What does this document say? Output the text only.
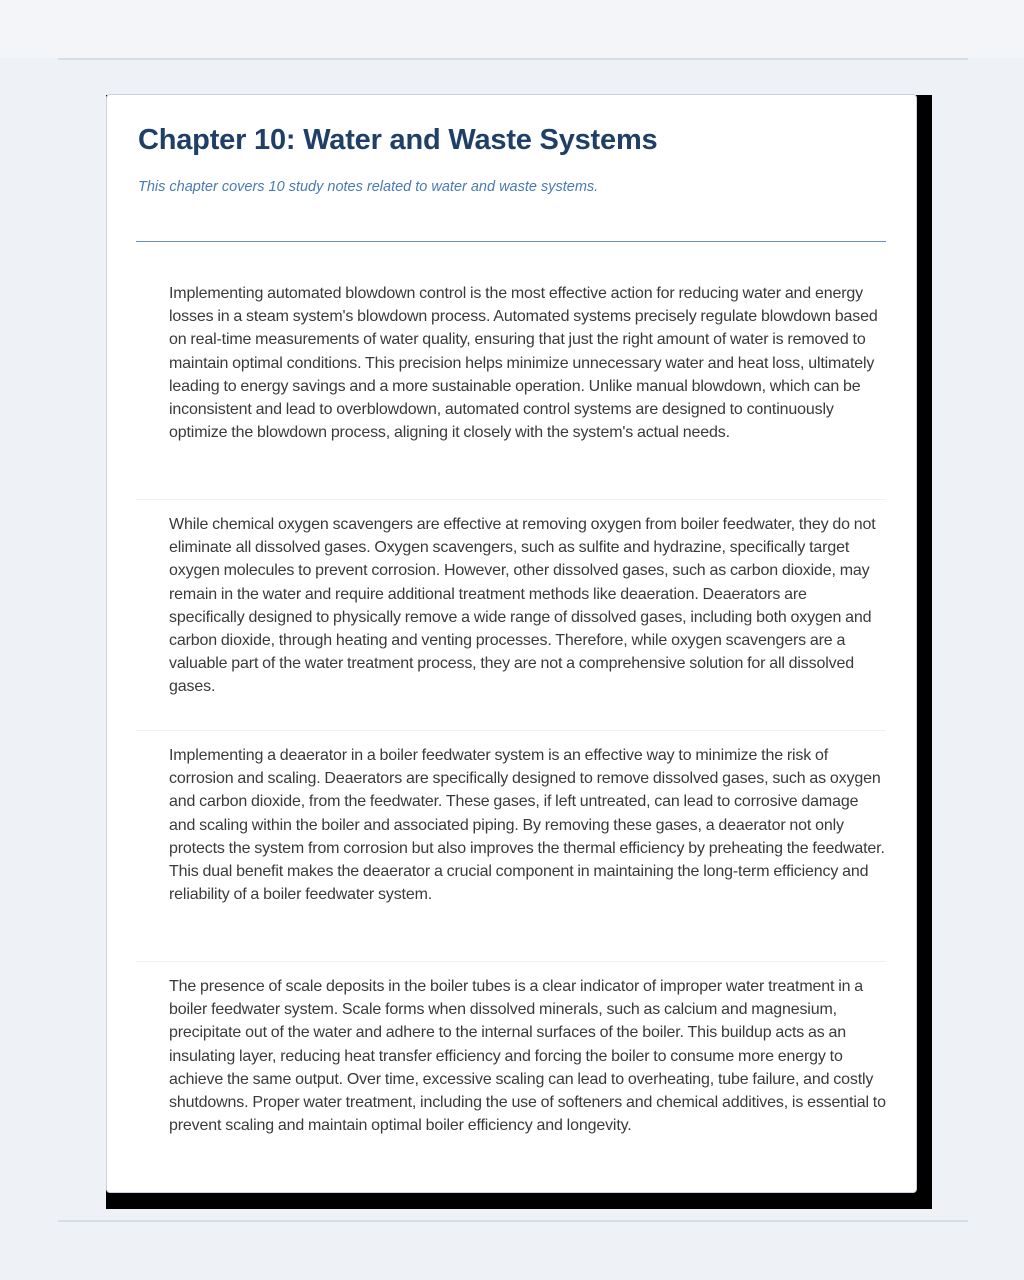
Chapter 10: Water and Waste Systems

This chapter covers 10 study notes related to water and waste systems.

Implementing automated blowdown control is the most effective action for reducing water and energy losses in a steam system's blowdown process. Automated systems precisely regulate blowdown based on real-time measurements of water quality, ensuring that just the right amount of water is removed to maintain optimal conditions. This precision helps minimize unnecessary water and heat loss, ultimately leading to energy savings and a more sustainable operation. Unlike manual blowdown, which can be inconsistent and lead to overblowdown, automated control systems are designed to continuously optimize the blowdown process, aligning it closely with the system's actual needs.

While chemical oxygen scavengers are effective at removing oxygen from boiler feedwater, they do not eliminate all dissolved gases. Oxygen scavengers, such as sulfite and hydrazine, specifically target oxygen molecules to prevent corrosion. However, other dissolved gases, such as carbon dioxide, may remain in the water and require additional treatment methods like deaeration. Deaerators are specifically designed to physically remove a wide range of dissolved gases, including both oxygen and carbon dioxide, through heating and venting processes. Therefore, while oxygen scavengers are a valuable part of the water treatment process, they are not a comprehensive solution for all dissolved gases.

Implementing a deaerator in a boiler feedwater system is an effective way to minimize the risk of corrosion and scaling. Deaerators are specifically designed to remove dissolved gases, such as oxygen and carbon dioxide, from the feedwater. These gases, if left untreated, can lead to corrosive damage and scaling within the boiler and associated piping. By removing these gases, a deaerator not only protects the system from corrosion but also improves the thermal efficiency by preheating the feedwater. This dual benefit makes the deaerator a crucial component in maintaining the long-term efficiency and reliability of a boiler feedwater system.

The presence of scale deposits in the boiler tubes is a clear indicator of improper water treatment in a boiler feedwater system. Scale forms when dissolved minerals, such as calcium and magnesium, precipitate out of the water and adhere to the internal surfaces of the boiler. This buildup acts as an insulating layer, reducing heat transfer efficiency and forcing the boiler to consume more energy to achieve the same output. Over time, excessive scaling can lead to overheating, tube failure, and costly shutdowns. Proper water treatment, including the use of softeners and chemical additives, is essential to prevent scaling and maintain optimal boiler efficiency and longevity.
